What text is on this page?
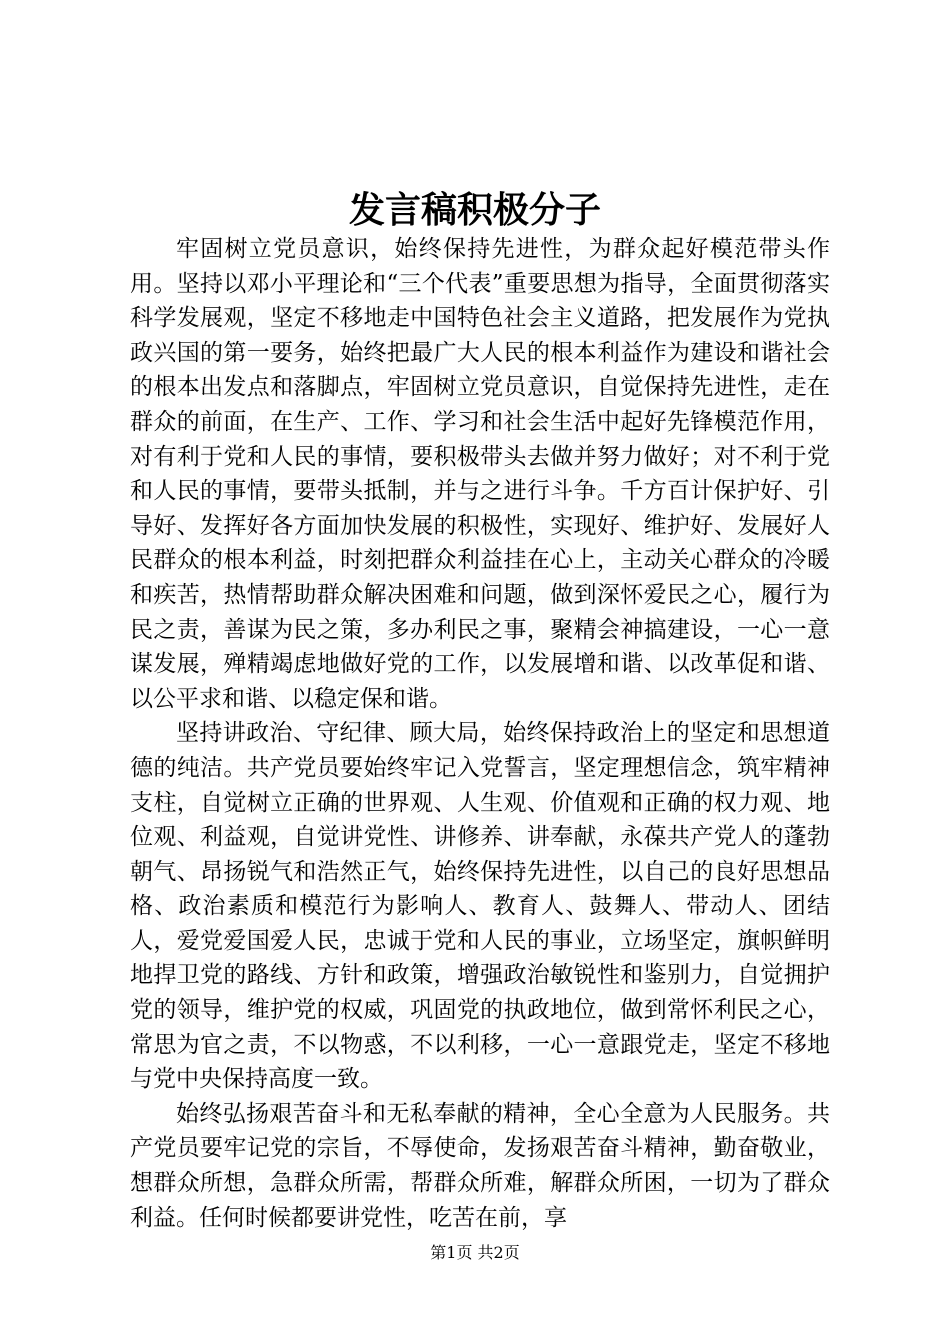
发言稿积极分子

牢固树立党员意识，始终保持先进性，为群众起好模范带头作用。坚持以邓小平理论和“三个代表”重要思想为指导，全面贯彻落实科学发展观，坚定不移地走中国特色社会主义道路，把发展作为党执政兴国的第一要务，始终把最广大人民的根本利益作为建设和谐社会的根本出发点和落脚点，牢固树立党员意识，自觉保持先进性，走在群众的前面，在生产、工作、学习和社会生活中起好先锋模范作用，对有利于党和人民的事情，要积极带头去做并努力做好；对不利于党和人民的事情，要带头抵制，并与之进行斗争。千方百计保护好、引导好、发挥好各方面加快发展的积极性，实现好、维护好、发展好人民群众的根本利益，时刻把群众利益挂在心上，主动关心群众的冷暖和疾苦，热情帮助群众解决困难和问题，做到深怀爱民之心，履行为民之责，善谋为民之策，多办利民之事，聚精会神搞建设，一心一意谋发展，殚精竭虑地做好党的工作，以发展增和谐、以改革促和谐、以公平求和谐、以稳定保和谐。

坚持讲政治、守纪律、顾大局，始终保持政治上的坚定和思想道德的纯洁。共产党员要始终牢记入党誓言，坚定理想信念，筑牢精神支柱，自觉树立正确的世界观、人生观、价值观和正确的权力观、地位观、利益观，自觉讲党性、讲修养、讲奉献，永葆共产党人的蓬勃朝气、昂扬锐气和浩然正气，始终保持先进性，以自己的良好思想品格、政治素质和模范行为影响人、教育人、鼓舞人、带动人、团结人，爱党爱国爱人民，忠诚于党和人民的事业，立场坚定，旗帜鲜明地捍卫党的路线、方针和政策，增强政治敏锐性和鉴别力，自觉拥护党的领导，维护党的权威，巩固党的执政地位，做到常怀利民之心，常思为官之责，不以物惑，不以利移，一心一意跟党走，坚定不移地与党中央保持高度一致。

始终弘扬艰苦奋斗和无私奉献的精神，全心全意为人民服务。共产党员要牢记党的宗旨，不辱使命，发扬艰苦奋斗精神，勤奋敬业，想群众所想，急群众所需，帮群众所难，解群众所困，一切为了群众利益。任何时候都要讲党性，吃苦在前，享

第1页 共2页
